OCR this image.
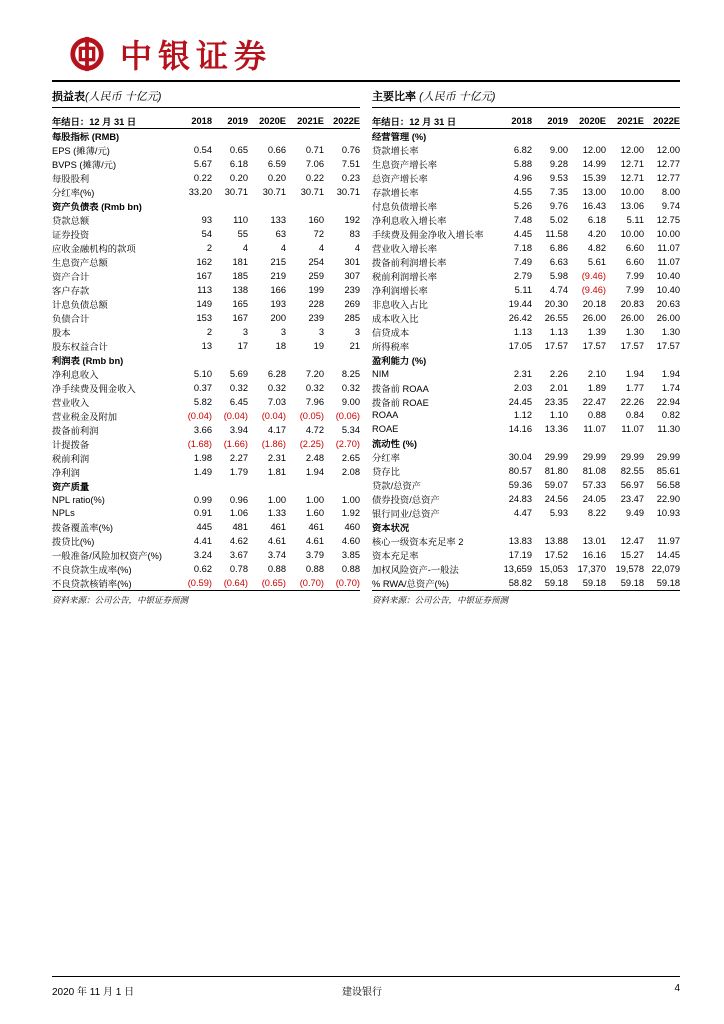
中银证券
损益表(人民币 十亿元)
年结日：12 月 31 日	2018	2019	2020E	2021E	2022E
每股指标 (RMB)					
EPS (摊薄/元)	0.54	0.65	0.66	0.71	0.76
BVPS (摊薄/元)	5.67	6.18	6.59	7.06	7.51
每股股利	0.22	0.20	0.20	0.22	0.23
分红率(%)	33.20	30.71	30.71	30.71	30.71
资产负债表 (Rmb bn)					
贷款总额	93	110	133	160	192
证券投资	54	55	63	72	83
应收金融机构的款项	2	4	4	4	4
生息资产总额	162	181	215	254	301
资产合计	167	185	219	259	307
客户存款	113	138	166	199	239
计息负债总额	149	165	193	228	269
负债合计	153	167	200	239	285
股本	2	3	3	3	3
股东权益合计	13	17	18	19	21
利润表 (Rmb bn)					
净利息收入	5.10	5.69	6.28	7.20	8.25
净手续费及佣金收入	0.37	0.32	0.32	0.32	0.32
营业收入	5.82	6.45	7.03	7.96	9.00
营业税金及附加	(0.04)	(0.04)	(0.04)	(0.05)	(0.06)
拨备前利润	3.66	3.94	4.17	4.72	5.34
计提拨备	(1.68)	(1.66)	(1.86)	(2.25)	(2.70)
税前利润	1.98	2.27	2.31	2.48	2.65
净利润	1.49	1.79	1.81	1.94	2.08
资产质量					
NPL ratio(%)	0.99	0.96	1.00	1.00	1.00
NPLs	0.91	1.06	1.33	1.60	1.92
拨备覆盖率(%)	445	481	461	461	460
拨贷比(%)	4.41	4.62	4.61	4.61	4.60
一般准备/风险加权资产(%)	3.24	3.67	3.74	3.79	3.85
不良贷款生成率(%)	0.62	0.78	0.88	0.88	0.88
不良贷款核销率(%)	(0.59)	(0.64)	(0.65)	(0.70)	(0.70)
资料来源：公司公告，中银证券预测
主要比率 (人民币 十亿元)
年结日：12 月 31 日	2018	2019	2020E	2021E	2022E
经营管理 (%)					
贷款增长率	6.82	9.00	12.00	12.00	12.00
生息资产增长率	5.88	9.28	14.99	12.71	12.77
总资产增长率	4.96	9.53	15.39	12.71	12.77
存款增长率	4.55	7.35	13.00	10.00	8.00
付息负债增长率	5.26	9.76	16.43	13.06	9.74
净利息收入增长率	7.48	5.02	6.18	5.11	12.75
手续费及佣金净收入增长率	4.45	11.58	4.20	10.00	10.00
营业收入增长率	7.18	6.86	4.82	6.60	11.07
拨备前利润增长率	7.49	6.63	5.61	6.60	11.07
税前利润增长率	2.79	5.98	(9.46)	7.99	10.40
净利润增长率	5.11	4.74	(9.46)	7.99	10.40
非息收入占比	19.44	20.30	20.18	20.83	20.63
成本收入比	26.42	26.55	26.00	26.00	26.00
信贷成本	1.13	1.13	1.39	1.30	1.30
所得税率	17.05	17.57	17.57	17.57	17.57
盈利能力 (%)					
NIM	2.31	2.26	2.10	1.94	1.94
拨备前 ROAA	2.03	2.01	1.89	1.77	1.74
拨备前 ROAE	24.45	23.35	22.47	22.26	22.94
ROAA	1.12	1.10	0.88	0.84	0.82
ROAE	14.16	13.36	11.07	11.07	11.30
流动性 (%)					
分红率	30.04	29.99	29.99	29.99	29.99
贷存比	80.57	81.80	81.08	82.55	85.61
贷款/总资产	59.36	59.07	57.33	56.97	56.58
债券投资/总资产	24.83	24.56	24.05	23.47	22.90
银行同业/总资产	4.47	5.93	8.22	9.49	10.93
资本状况					
核心一级资本充足率 2	13.83	13.88	13.01	12.47	11.97
资本充足率	17.19	17.52	16.16	15.27	14.45
加权风险资产-一般法	13,659	15,053	17,370	19,578	22,079
% RWA/总资产(%)	58.82	59.18	59.18	59.18	59.18
资料来源：公司公告，中银证券预测
2020 年 11 月 1 日	建设银行	4
